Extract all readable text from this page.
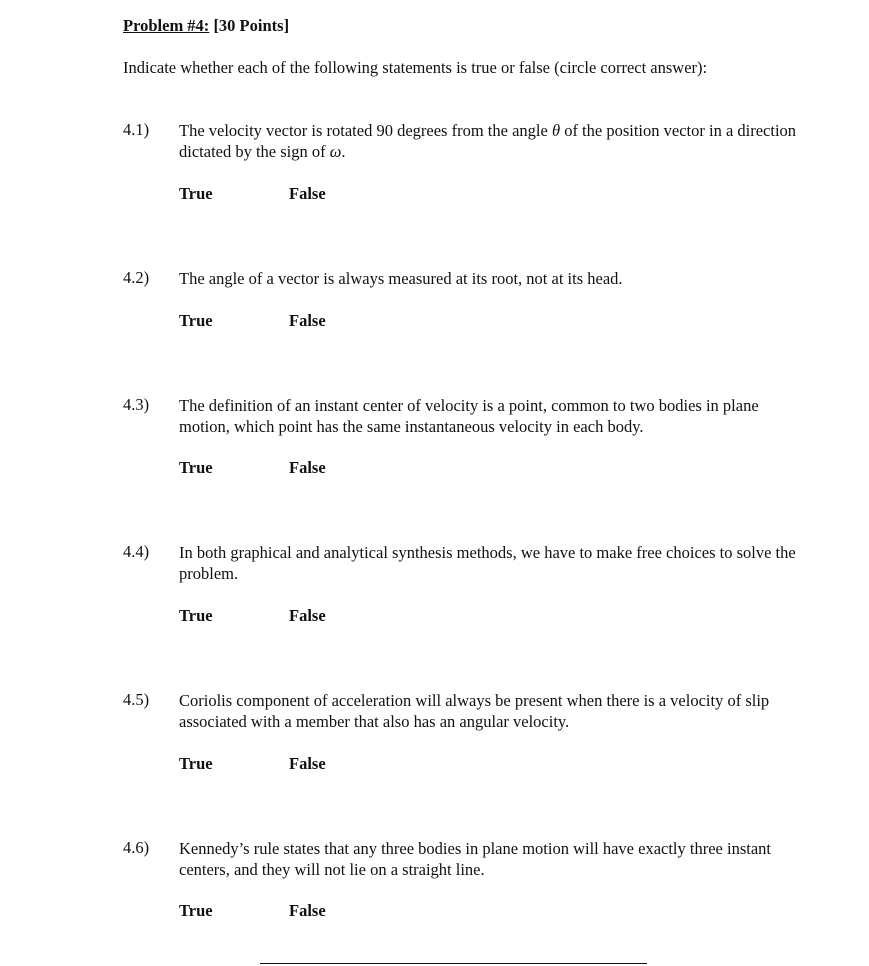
Problem #4: [30 Points]
Indicate whether each of the following statements is true or false (circle correct answer):
4.1) The velocity vector is rotated 90 degrees from the angle θ of the position vector in a direction dictated by the sign of ω.
True	False
4.2) The angle of a vector is always measured at its root, not at its head.
True	False
4.3) The definition of an instant center of velocity is a point, common to two bodies in plane motion, which point has the same instantaneous velocity in each body.
True	False
4.4) In both graphical and analytical synthesis methods, we have to make free choices to solve the problem.
True	False
4.5) Coriolis component of acceleration will always be present when there is a velocity of slip associated with a member that also has an angular velocity.
True	False
4.6) Kennedy’s rule states that any three bodies in plane motion will have exactly three instant centers, and they will not lie on a straight line.
True	False
